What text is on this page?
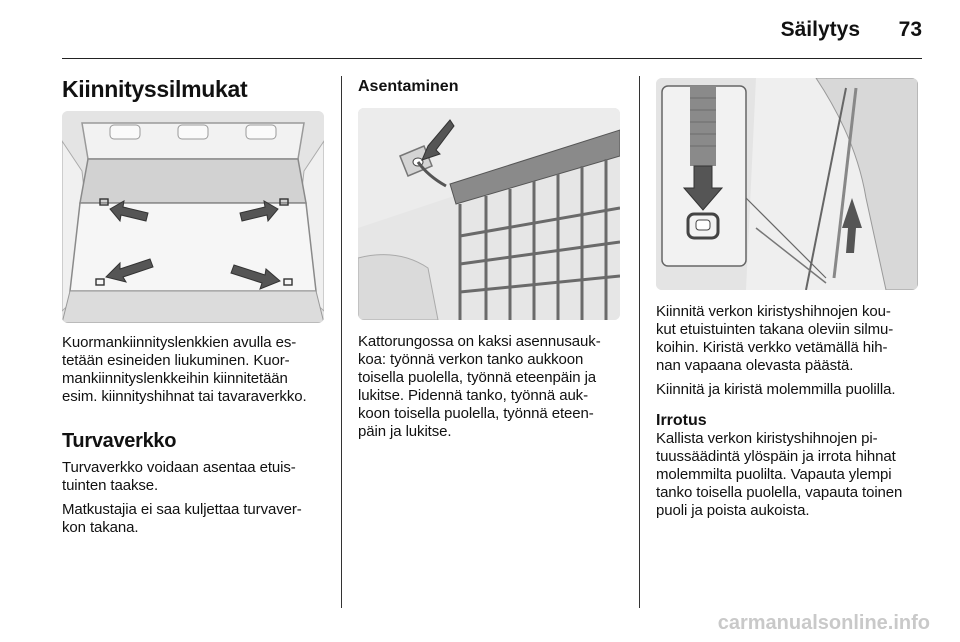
Säilytys	73

Kiinnityssilmukat

Kuormankiinnityslenkkien avulla es-

tetään esineiden liukuminen. Kuor-

mankiinnityslenkkeihin kiinnitetään

esim. kiinnityshihnat tai tavaraverkko.

Turvaverkko

Turvaverkko voidaan asentaa etuis-

tuinten taakse.

Matkustajia ei saa kuljettaa turvaver-

kon takana.

Asentaminen

Kattorungossa on kaksi asennusauk-

koa: työnnä verkon tanko aukkoon

toisella puolella, työnnä eteenpäin ja

lukitse. Pidennä tanko, työnnä auk-

koon toisella puolella, työnnä eteen-

päin ja lukitse.

Kiinnitä verkon kiristyshihnojen kou-

kut etuistuinten takana oleviin silmu-

koihin. Kiristä verkko vetämällä hih-

nan vapaana olevasta päästä.

Kiinnitä ja kiristä molemmilla puolilla.

Irrotus

Kallista verkon kiristyshihnojen pi-

tuussäädintä ylöspäin ja irrota hihnat

molemmilta puolilta. Vapauta ylempi

tanko toisella puolella, vapauta toinen

puoli ja poista aukoista.

carmanualsonline.info
